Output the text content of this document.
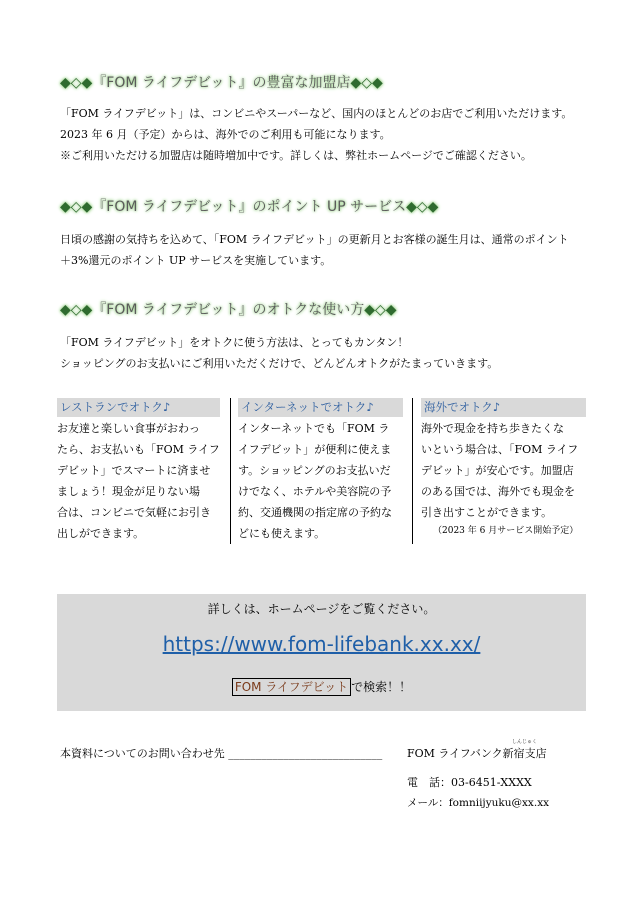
◆◇◆『FOM ライフデビット』の豊富な加盟店◆◇◆
「FOM ライフデビット」は、コンビニやスーパーなど、国内のほとんどのお店でご利用いただけます。
2023 年 6 月（予定）からは、海外でのご利用も可能になります。
※ご利用いただける加盟店は随時増加中です。詳しくは、弊社ホームページでご確認ください。
◆◇◆『FOM ライフデビット』のポイント UP サービス◆◇◆
日頃の感謝の気持ちを込めて、「FOM ライフデビット」の更新月とお客様の誕生月は、通常のポイント
＋3%還元のポイント UP サービスを実施しています。
◆◇◆『FOM ライフデビット』のオトクな使い方◆◇◆
「FOM ライフデビット」をオトクに使う方法は、とってもカンタン！
ショッピングのお支払いにご利用いただくだけで、どんどんオトクがたまっていきます。
レストランでオトク♪
お友達と楽しい食事がおわっ
たら、お支払いも「FOM ライフ
デビット」でスマートに済ませ
ましょう！現金が足りない場
合は、コンビニで気軽にお引き
出しができます。
インターネットでオトク♪
インターネットでも「FOM ラ
イフデビット」が便利に使えま
す。ショッピングのお支払いだ
けでなく、ホテルや美容院の予
約、交通機関の指定席の予約な
どにも使えます。
海外でオトク♪
海外で現金を持ち歩きたくな
いという場合は、「FOM ライフ
デビット」が安心です。加盟店
のある国では、海外でも現金を
引き出すことができます。
（2023 年 6 月サービス開始予定）
詳しくは、ホームページをご覧ください。
https://www.fom-lifebank.xx.xx/
FOM ライフデビット で検索！！
本資料についてのお問い合わせ先 ____________________________
しんじゅく
FOM ライフバンク新宿支店
電　話：03-6451-XXXX
メール：fomniijyuku@xx.xx
